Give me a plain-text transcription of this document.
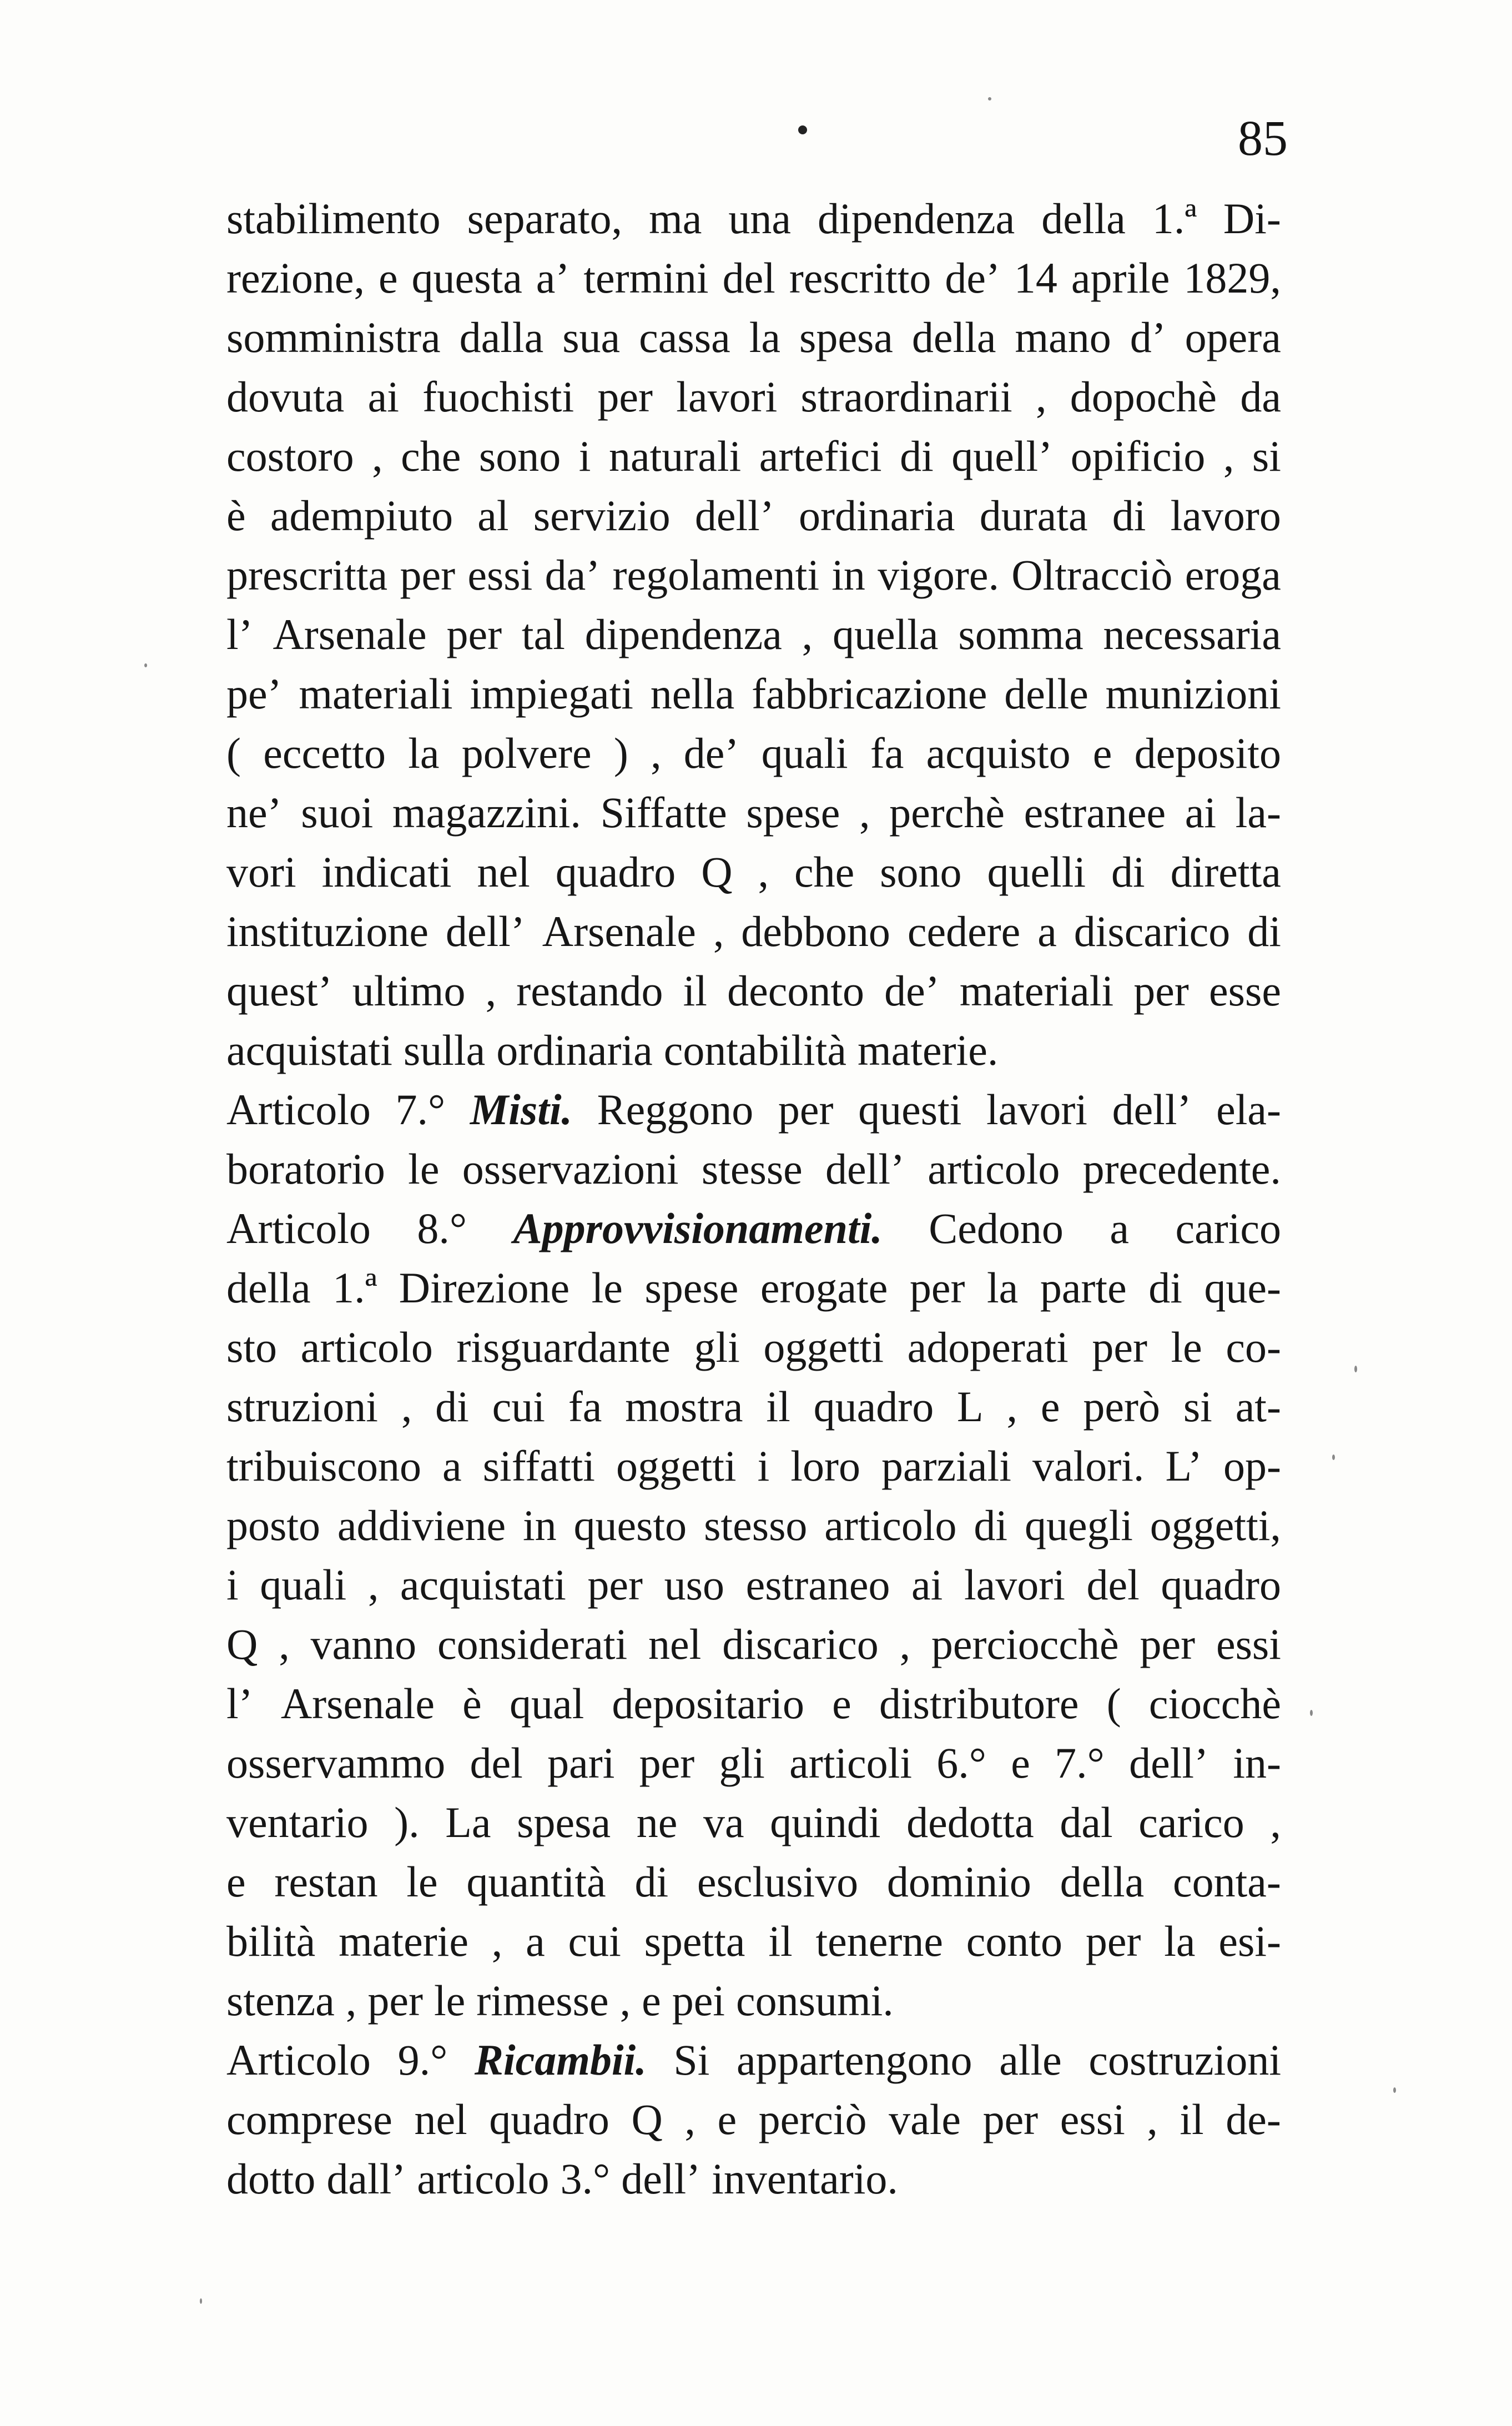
85
stabilimento separato, ma una dipendenza della 1.ª Di-
rezione, e questa a’ termini del rescritto de’ 14 aprile 1829,
somministra dalla sua cassa la spesa della mano d’ opera
dovuta ai fuochisti per lavori straordinarii , dopochè da
costoro , che sono i naturali artefici di quell’ opificio , si
è adempiuto al servizio dell’ ordinaria durata di lavoro
prescritta per essi da’ regolamenti in vigore. Oltracciò eroga
l’ Arsenale per tal dipendenza , quella somma necessaria
pe’ materiali impiegati nella fabbricazione delle munizioni
( eccetto la polvere ) , de’ quali fa acquisto e deposito
ne’ suoi magazzini. Siffatte spese , perchè estranee ai la-
vori indicati nel quadro Q , che sono quelli di diretta
instituzione dell’ Arsenale , debbono cedere a discarico di
quest’ ultimo , restando il deconto de’ materiali per esse
acquistati sulla ordinaria contabilità materie.
Articolo 7.° Misti. Reggono per questi lavori dell’ ela-
boratorio le osservazioni stesse dell’ articolo precedente.
Articolo 8.° Approvvisionamenti. Cedono a carico
della 1.ª Direzione le spese erogate per la parte di que-
sto articolo risguardante gli oggetti adoperati per le co-
struzioni , di cui fa mostra il quadro L , e però si at-
tribuiscono a siffatti oggetti i loro parziali valori. L’ op-
posto addiviene in questo stesso articolo di quegli oggetti,
i quali , acquistati per uso estraneo ai lavori del quadro
Q , vanno considerati nel discarico , perciocchè per essi
l’ Arsenale è qual depositario e distributore ( ciocchè
osservammo del pari per gli articoli 6.° e 7.° dell’ in-
ventario ). La spesa ne va quindi dedotta dal carico ,
e restan le quantità di esclusivo dominio della conta-
bilità materie , a cui spetta il tenerne conto per la esi-
stenza , per le rimesse , e pei consumi.
Articolo 9.° Ricambii. Si appartengono alle costruzioni
comprese nel quadro Q , e perciò vale per essi , il de-
dotto dall’ articolo 3.° dell’ inventario.
